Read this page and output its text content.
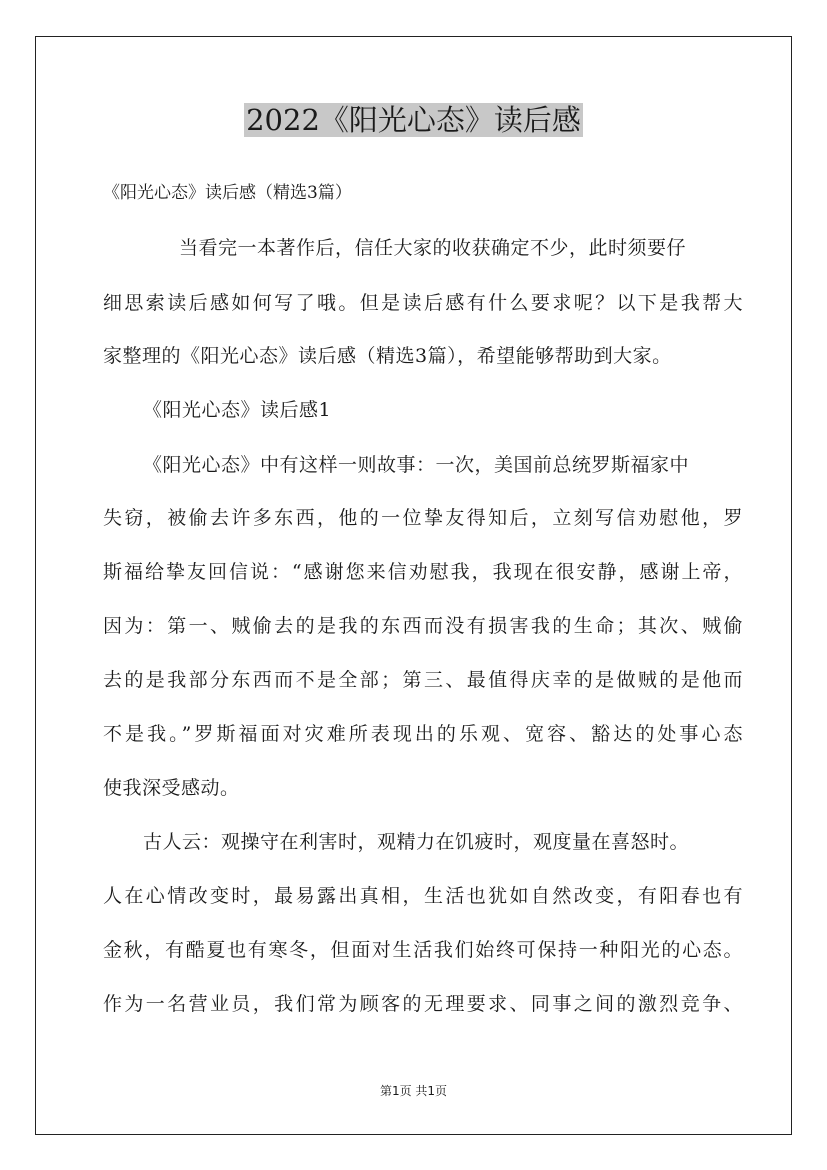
2022《阳光心态》读后感
《阳光心态》读后感（精选3篇）
当看完一本著作后，信任大家的收获确定不少，此时须要仔
细思索读后感如何写了哦。但是读后感有什么要求呢？以下是我帮大
家整理的《阳光心态》读后感（精选3篇），希望能够帮助到大家。
《阳光心态》读后感1
《阳光心态》中有这样一则故事：一次，美国前总统罗斯福家中
失窃，被偷去许多东西，他的一位挚友得知后，立刻写信劝慰他，罗
斯福给挚友回信说：“感谢您来信劝慰我，我现在很安静，感谢上帝，
因为：第一、贼偷去的是我的东西而没有损害我的生命；其次、贼偷
去的是我部分东西而不是全部；第三、最值得庆幸的是做贼的是他而
不是我。”罗斯福面对灾难所表现出的乐观、宽容、豁达的处事心态
使我深受感动。
古人云：观操守在利害时，观精力在饥疲时，观度量在喜怒时。
人在心情改变时，最易露出真相，生活也犹如自然改变，有阳春也有
金秋，有酷夏也有寒冬，但面对生活我们始终可保持一种阳光的心态。
作为一名营业员，我们常为顾客的无理要求、同事之间的激烈竞争、
第1页 共1页
